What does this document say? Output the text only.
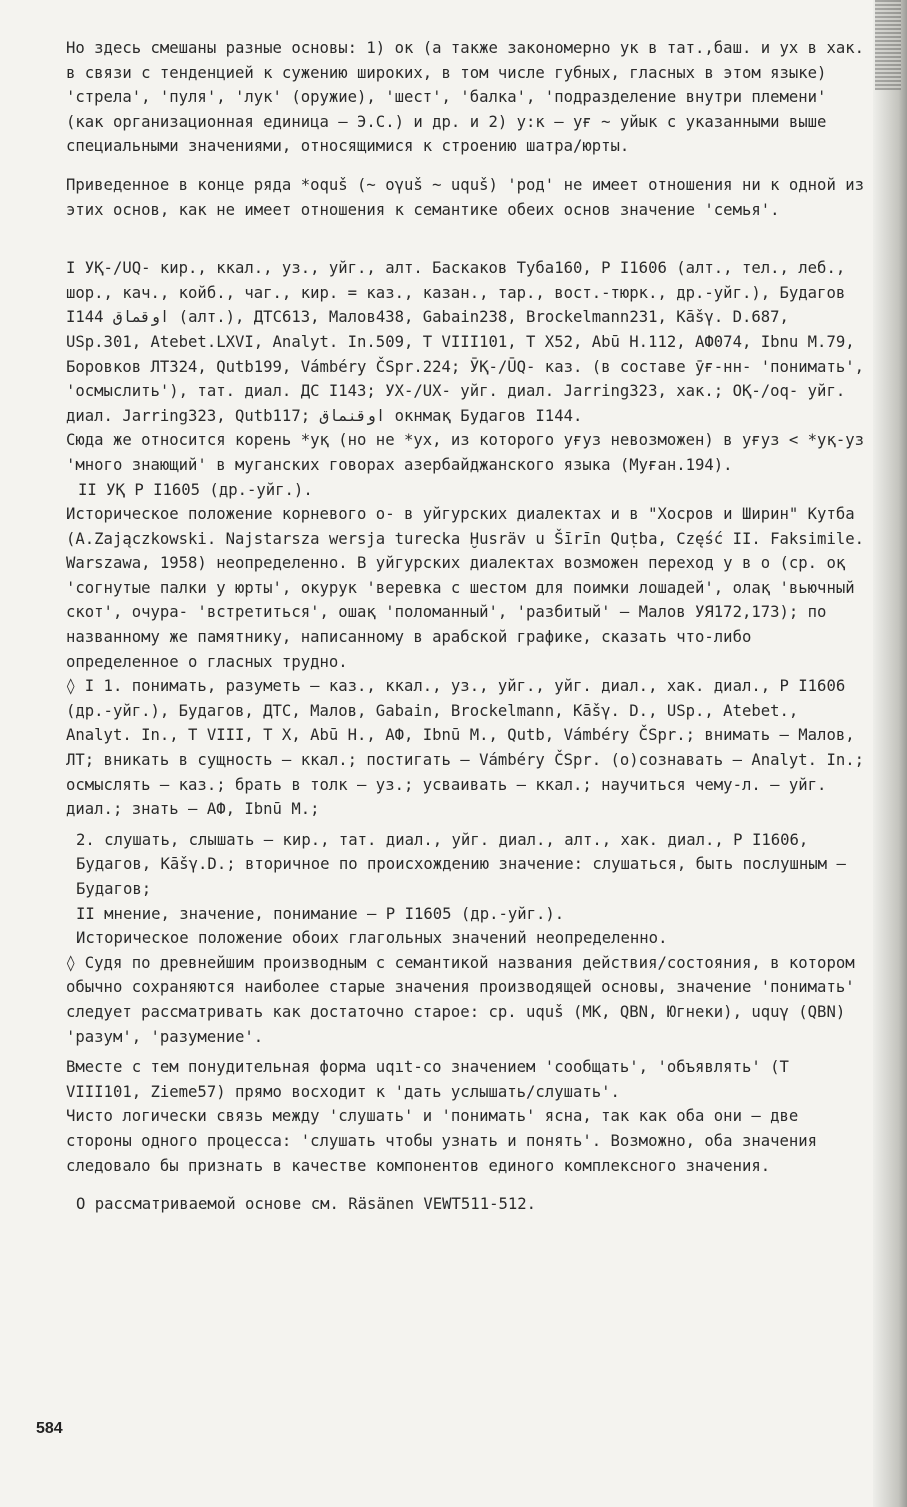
Но здесь смешаны разные основы: 1) ок (а также закономерно ук в тат.,баш. и ух в хак. в связи с тенденцией к сужению широких, в том числе губных, гласных в этом языке) 'стрела', 'пуля', 'лук' (оружие), 'шест', 'балка', 'подразделение внутри племени' (как организационная единица – Э.С.) и др. и 2) у:к – уғ ~ уйык с указанными выше специальными значениями, относящимися к строению шатра/юрты.

Приведенное в конце ряда *oquš (~ oγuš ~ uquš) 'род' не имеет отношения ни к одной из этих основ, как не имеет отношения к семантике обеих основ значение 'семья'.

I УҚ-/UQ- кир., ккал., уз., уйг., алт. Баскаков Туба160, Р I1606 (алт., тел., леб., шор., кач., койб., чаг., кир. = каз., казан., тар., вост.-тюрк., др.-уйг.), Будагов I144 اوقماق (алт.), ДТС613, Малов438, Gabain238, Brockelmann231, Kāšγ. D.687, USp.301, Atebet.LXVI, Analyt. In.509, T VIII101, T X52, Abū H.112, АФ074, Ibnu M.79, Боровков ЛТ324, Qutb199, Vámbéry ČSpr.224; ӮҚ-/ŪQ- каз. (в составе ӯғ-нн- 'понимать', 'осмыслить'), тат. диал. ДС I143; УХ-/UX- уйг. диал. Jarring323, хак.; ОҚ-/oq- уйг. диал. Jarring323, Qutb117; اوقنماق окнмақ Будагов I144.

Сюда же относится корень *уқ (но не *ух, из которого уғуз невозможен) в уғуз < *уқ-уз 'много знающий' в муганских говорах азербайджанского языка (Муған.194).

II УҚ Р I1605 (др.-уйг.).

Историческое положение корневого о- в уйгурских диалектах и в "Хосров и Ширин" Кутба (A.Zajączkowski. Najstarsza wersja turecka Ḫusräv u Šīrīn Quṭba, Część II. Faksimile. Warszawa, 1958) неопределенно. В уйгурских диалектах возможен переход у в о (ср. оқ 'согнутые палки у юрты', окурук 'веревка с шестом для поимки лошадей', олақ 'вьючный скот', очура- 'встретиться', ошақ 'поломанный', 'разбитый' – Малов УЯ172,173); по названному же памятнику, написанному в арабской графике, сказать что-либо определенное о гласных трудно.

◊ I 1. понимать, разуметь – каз., ккал., уз., уйг., уйг. диал., хак. диал., Р I1606 (др.-уйг.), Будагов, ДТС, Малов, Gabain, Brockelmann, Kāšγ. D., USp., Atebet., Analyt. In., T VIII, T X, Abū H., АФ, Ibnū M., Qutb, Vámbéry ČSpr.; внимать – Малов, ЛТ; вникать в сущность – ккал.; постигать – Vámbéry ČSpr. (о)сознавать – Analyt. In.; осмыслять – каз.; брать в толк – уз.; усваивать – ккал.; научиться чему-л. – уйг. диал.; знать – АФ, Ibnū M.;

2. слушать, слышать – кир., тат. диал., уйг. диал., алт., хак. диал., Р I1606, Будагов, Kāšγ.D.; вторичное по происхождению значение: слушаться, быть послушным – Будагов;

II мнение, значение, понимание – Р I1605 (др.-уйг.).

Историческое положение обоих глагольных значений неопределенно.

◊ Судя по древнейшим производным с семантикой названия действия/состояния, в котором обычно сохраняются наиболее старые значения производящей основы, значение 'понимать' следует рассматривать как достаточно старое: ср. uquš (МК, QBN, Югнеки), uquγ (QBN) 'разум', 'разумение'.

Вместе с тем понудительная форма uqıt-со значением 'сообщать', 'объявлять' (T VIII101, Zieme57) прямо восходит к 'дать услышать/слушать'.

Чисто логически связь между 'слушать' и 'понимать' ясна, так как оба они – две стороны одного процесса: 'слушать чтобы узнать и понять'. Возможно, оба значения следовало бы признать в качестве компонентов единого комплексного значения.

О рассматриваемой основе см. Räsänen VEWT511-512.

584
